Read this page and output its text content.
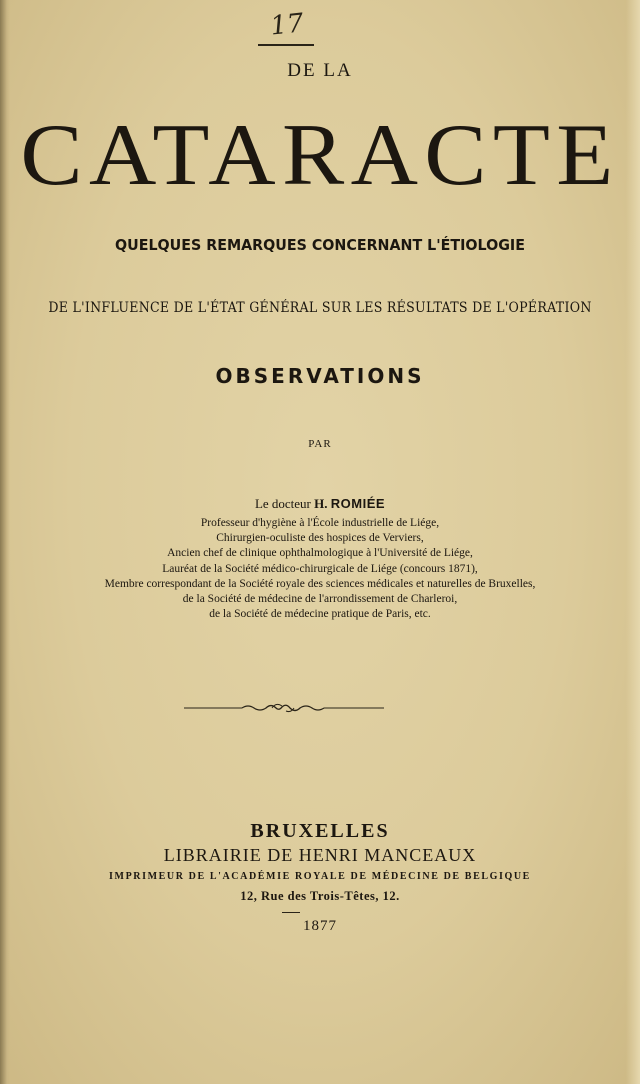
17
DE LA
CATARACTE
QUELQUES REMARQUES CONCERNANT L'ÉTIOLOGIE
DE L'INFLUENCE DE L'ÉTAT GÉNÉRAL SUR LES RÉSULTATS DE L'OPÉRATION
OBSERVATIONS
PAR
Le docteur H. ROMIÉE
Professeur d'hygiène à l'École industrielle de Liége,
Chirurgien-oculiste des hospices de Verviers,
Ancien chef de clinique ophthalmologique à l'Université de Liége,
Lauréat de la Société médico-chirurgicale de Liége (concours 1871),
Membre correspondant de la Société royale des sciences médicales et naturelles de Bruxelles,
de la Société de médecine de l'arrondissement de Charleroi,
de la Société de médecine pratique de Paris, etc.
BRUXELLES
LIBRAIRIE DE HENRI MANCEAUX
IMPRIMEUR DE L'ACADÉMIE ROYALE DE MÉDECINE DE BELGIQUE
12, Rue des Trois-Têtes, 12.
1877
